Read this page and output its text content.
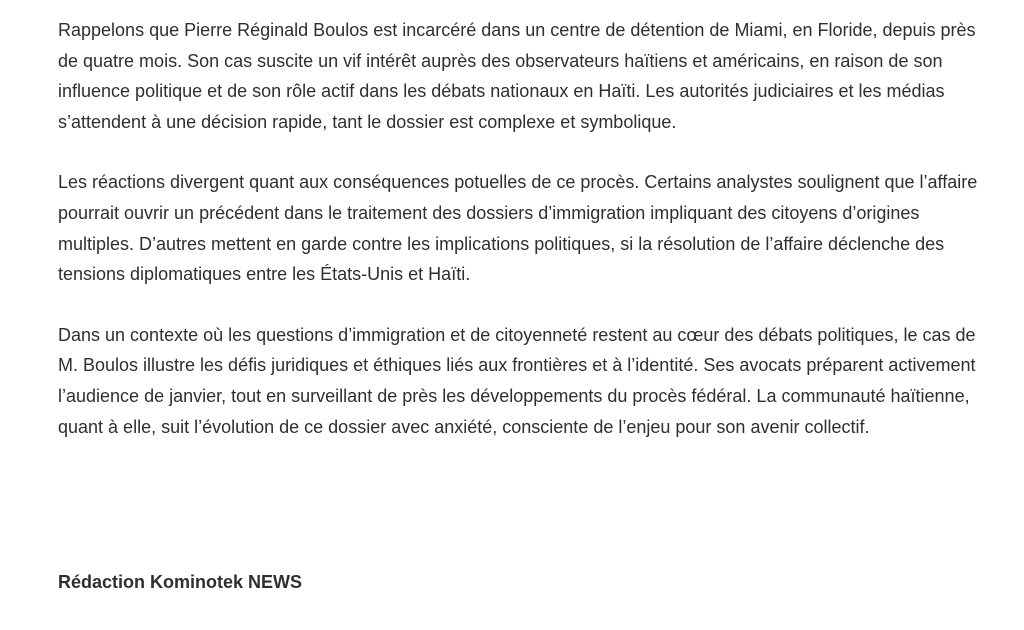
Rappelons que Pierre Réginald Boulos est incarcéré dans un centre de détention de Miami, en Floride, depuis près de quatre mois. Son cas suscite un vif intérêt auprès des observateurs haïtiens et américains, en raison de son influence politique et de son rôle actif dans les débats nationaux en Haïti. Les autorités judiciaires et les médias s’attendent à une décision rapide, tant le dossier est complexe et symbolique.

Les réactions divergent quant aux conséquences potuelles de ce procès. Certains analystes soulignent que l’affaire pourrait ouvrir un précédent dans le traitement des dossiers d’immigration impliquant des citoyens d’origines multiples. D’autres mettent en garde contre les implications politiques, si la résolution de l’affaire déclenche des tensions diplomatiques entre les États-Unis et Haïti.

Dans un contexte où les questions d’immigration et de citoyenneté restent au cœur des débats politiques, le cas de M. Boulos illustre les défis juridiques et éthiques liés aux frontières et à l’identité. Ses avocats préparent activement l’audience de janvier, tout en surveillant de près les développements du procès fédéral. La communauté haïtienne, quant à elle, suit l’évolution de ce dossier avec anxiété, consciente de l’enjeu pour son avenir collectif.

Rédaction Kominotek NEWS
